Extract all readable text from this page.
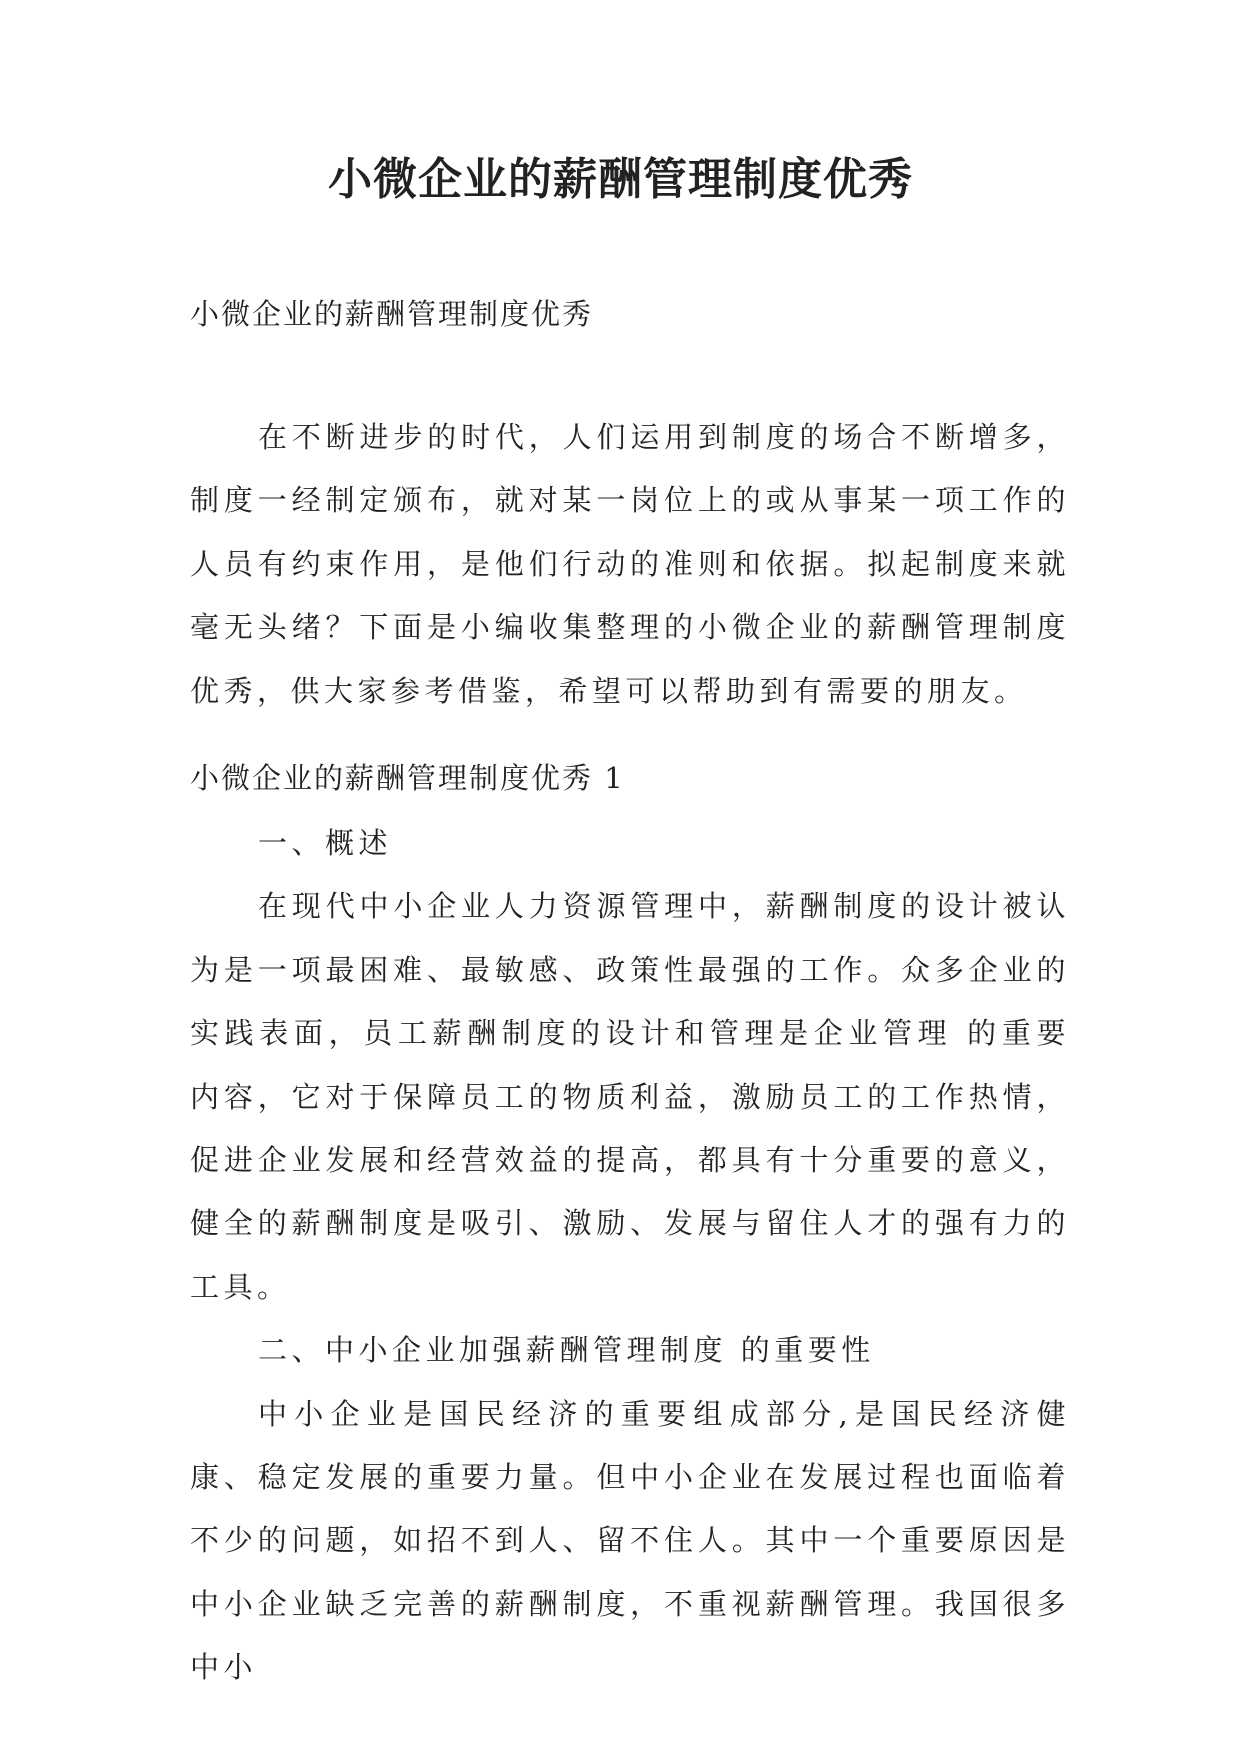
小微企业的薪酬管理制度优秀

小微企业的薪酬管理制度优秀

在不断进步的时代，人们运用到制度的场合不断增多，制度一经制定颁布，就对某一岗位上的或从事某一项工作的人员有约束作用，是他们行动的准则和依据。拟起制度来就毫无头绪？下面是小编收集整理的小微企业的薪酬管理制度优秀，供大家参考借鉴，希望可以帮助到有需要的朋友。

小微企业的薪酬管理制度优秀 1

一、概述

在现代中小企业人力资源管理中，薪酬制度的设计被认为是一项最困难、最敏感、政策性最强的工作。众多企业的实践表面，员工薪酬制度的设计和管理是企业管理 的重要内容，它对于保障员工的物质利益，激励员工的工作热情，促进企业发展和经营效益的提高，都具有十分重要的意义，健全的薪酬制度是吸引、激励、发展与留住人才的强有力的工具。

二、中小企业加强薪酬管理制度 的重要性

中小企业是国民经济的重要组成部分,是国民经济健康、稳定发展的重要力量。但中小企业在发展过程也面临着不少的问题，如招不到人、留不住人。其中一个重要原因是中小企业缺乏完善的薪酬制度，不重视薪酬管理。我国很多中小
